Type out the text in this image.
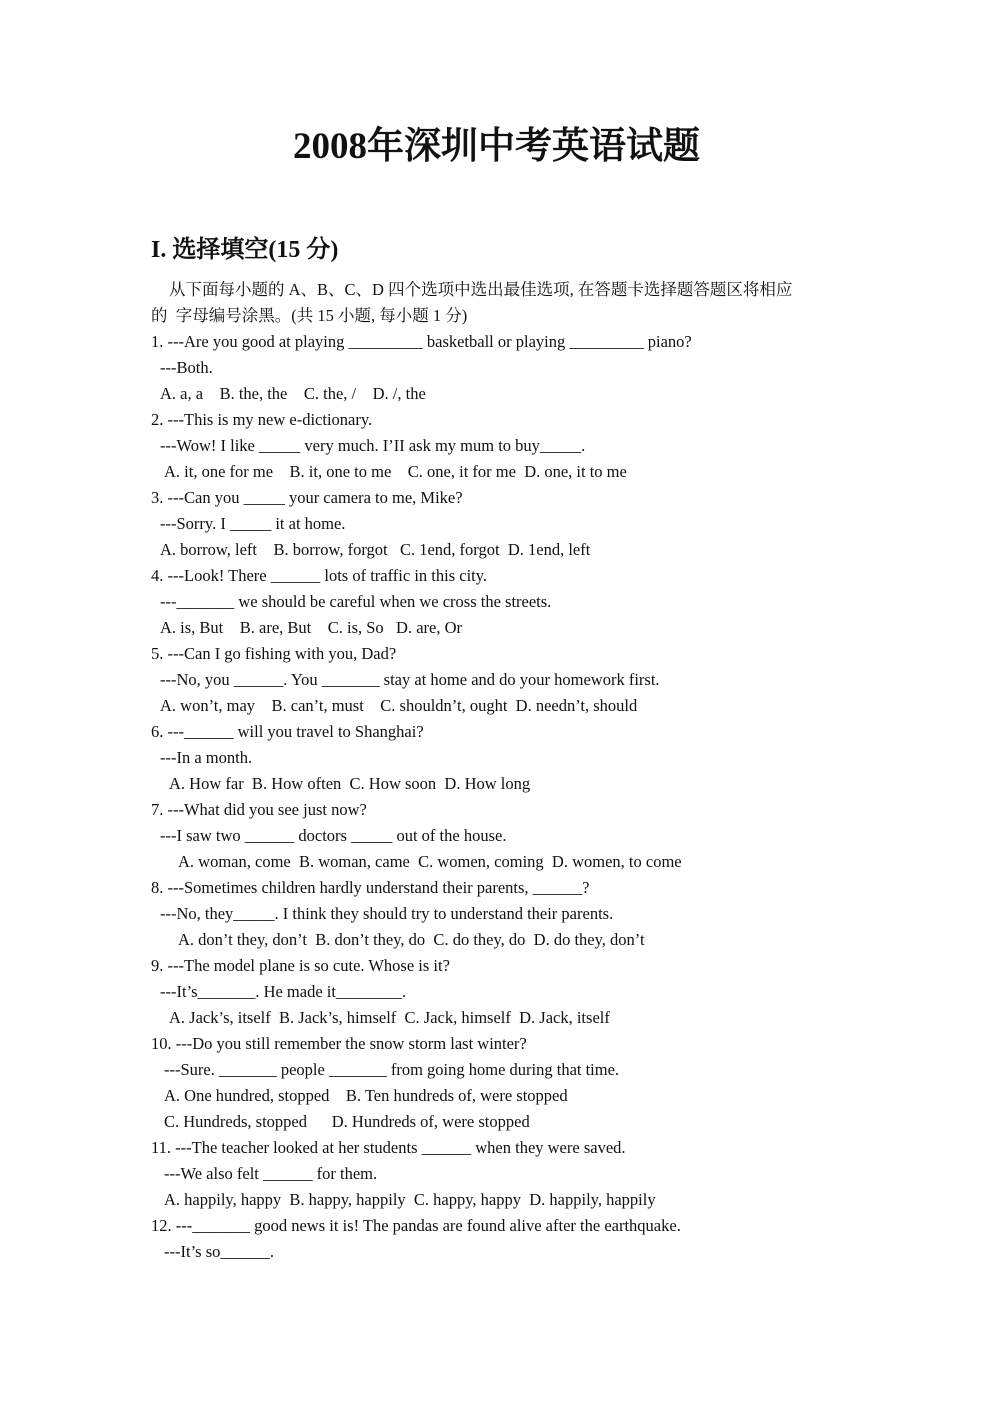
2008年深圳中考英语试题
I. 选择填空(15 分)
从下面每小题的 A、B、C、D 四个选项中选出最佳选项, 在答题卡选择题答题区将相应
的  字母编号涂黑。(共 15 小题, 每小题 1 分)
1. ---Are you good at playing _________ basketball or playing _________ piano?
---Both.
A. a, a    B. the, the    C. the, /    D. /, the
2. ---This is my new e-dictionary.
---Wow! I like _____ very much. I’II ask my mum to buy_____.
A. it, one for me    B. it, one to me    C. one, it for me  D. one, it to me
3. ---Can you _____ your camera to me, Mike?
---Sorry. I _____ it at home.
A. borrow, left    B. borrow, forgot   C. 1end, forgot  D. 1end, left
4. ---Look! There ______ lots of traffic in this city.
---_______ we should be careful when we cross the streets.
A. is, But    B. are, But    C. is, So   D. are, Or
5. ---Can I go fishing with you, Dad?
---No, you ______. You _______ stay at home and do your homework first.
A. won’t, may    B. can’t, must    C. shouldn’t, ought  D. needn’t, should
6. ---______ will you travel to Shanghai?
---In a month.
A. How far  B. How often  C. How soon  D. How long
7. ---What did you see just now?
---I saw two ______ doctors _____ out of the house.
A. woman, come  B. woman, came  C. women, coming  D. women, to come
8. ---Sometimes children hardly understand their parents, ______?
---No, they_____. I think they should try to understand their parents.
A. don’t they, don’t  B. don’t they, do  C. do they, do  D. do they, don’t
9. ---The model plane is so cute. Whose is it?
---It’s_______. He made it________.
A. Jack’s, itself  B. Jack’s, himself  C. Jack, himself  D. Jack, itself
10. ---Do you still remember the snow storm last winter?
---Sure. _______ people _______ from going home during that time.
A. One hundred, stopped    B. Ten hundreds of, were stopped
C. Hundreds, stopped      D. Hundreds of, were stopped
11. ---The teacher looked at her students ______ when they were saved.
---We also felt ______ for them.
A. happily, happy  B. happy, happily  C. happy, happy  D. happily, happily
12. ---_______ good news it is! The pandas are found alive after the earthquake.
---It’s so______.
